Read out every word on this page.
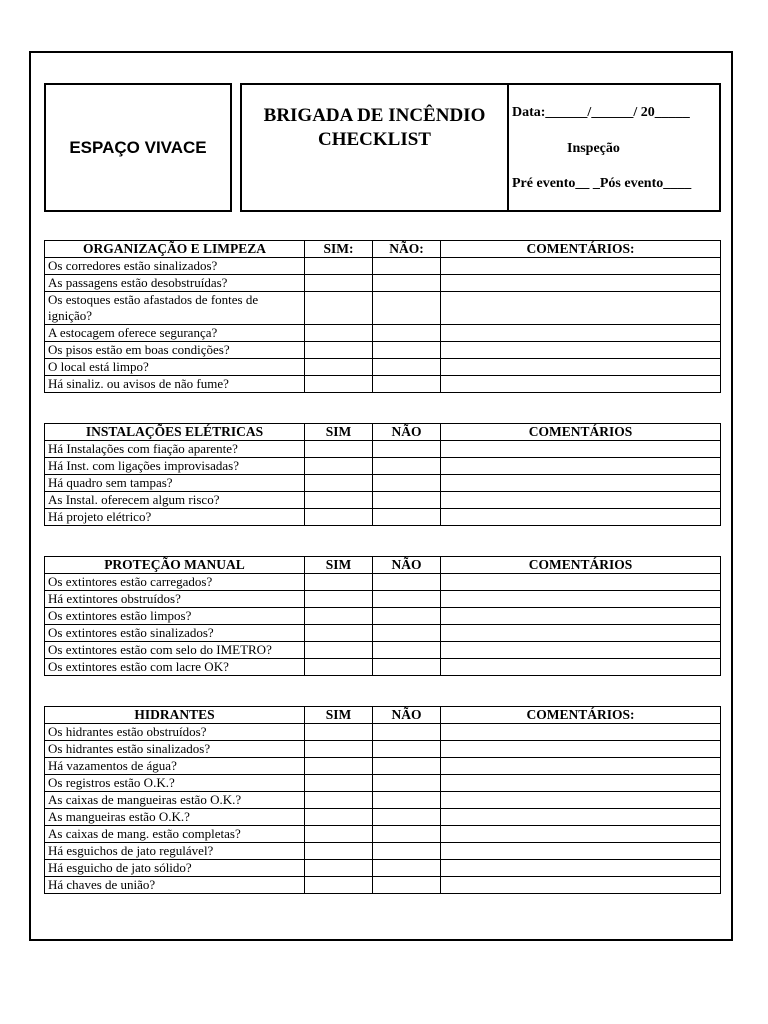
ESPAÇO VIVACE
BRIGADA DE INCÊNDIO
CHECKLIST
Data:______/______/ 20_____
Inspeção
Pré evento__ _Pós evento____
ORGANIZAÇÃO E LIMPEZA	SIM:	NÃO:	COMENTÁRIOS:
Os corredores estão sinalizados?			
As passagens estão desobstruídas?			
Os estoques estão afastados de fontes de ignição?			
A estocagem oferece segurança?			
Os pisos estão em boas condições?			
O local está limpo?			
Há sinaliz. ou avisos de não fume?			
INSTALAÇÕES ELÉTRICAS	SIM	NÃO	COMENTÁRIOS
Há Instalações com fiação aparente?			
Há Inst. com ligações improvisadas?			
Há quadro sem tampas?			
As Instal. oferecem algum risco?			
Há projeto elétrico?			
PROTEÇÃO MANUAL	SIM	NÃO	COMENTÁRIOS
Os extintores estão carregados?			
Há extintores obstruídos?			
Os extintores estão limpos?			
Os extintores estão sinalizados?			
Os extintores estão com selo do IMETRO?			
Os extintores estão com lacre OK?			
HIDRANTES	SIM	NÃO	COMENTÁRIOS:
Os hidrantes estão obstruídos?			
Os hidrantes estão sinalizados?			
Há vazamentos de água?			
Os registros estão O.K.?			
As caixas de mangueiras estão O.K.?			
As mangueiras estão O.K.?			
As caixas de mang. estão completas?			
Há esguichos de jato regulável?			
Há esguicho de jato sólido?			
Há chaves de união?			
